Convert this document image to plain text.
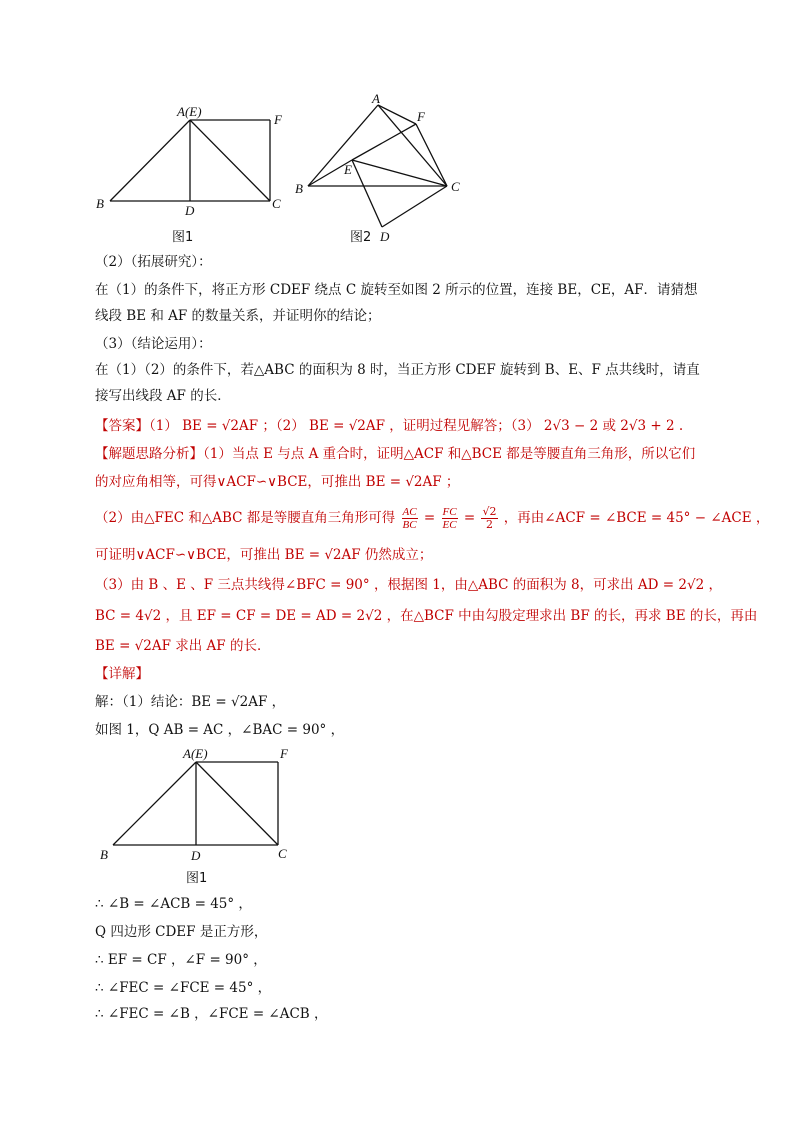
A(E)
F
B	D	C
图1
A
F
E
B	C
D
图2
（2）（拓展研究）：
在（1）的条件下，将正方形 CDEF 绕点 C 旋转至如图 2 所示的位置，连接 BE，CE，AF．请猜想
线段 BE 和 AF 的数量关系，并证明你的结论；
（3）（结论运用）：
在（1）（2）的条件下，若△ABC 的面积为 8 时，当正方形 CDEF 旋转到 B、E、F 点共线时，请直
接写出线段 AF 的长．
【答案】（1） BE = √2AF ；（2） BE = √2AF ，证明过程见解答；（3） 2√3 − 2 或 2√3 + 2 .
【解题思路分析】（1）当点 E 与点 A 重合时，证明△ACF 和△BCE 都是等腰直角三角形，所以它们
的对应角相等，可得∨ACF∽∨BCE，可推出 BE = √2AF ；
（2）由△FEC 和△ABC 都是等腰直角三角形可得 $\frac{AC}{BC} = \frac{FC}{EC} = \frac{√2}{2}$ ，再由∠ACF = ∠BCE = 45° − ∠ACE ，
可证明∨ACF∽∨BCE，可推出 BE = √2AF 仍然成立；
（3）由 B 、E 、F 三点共线得∠BFC = 90° ，根据图 1，由△ABC 的面积为 8，可求出 AD = 2√2 ，
BC = 4√2 ，且 EF = CF = DE = AD = 2√2 ，在△BCF 中由勾股定理求出 BF 的长，再求 BE 的长，再由
BE = √2AF 求出 AF 的长．
【详解】
解：（1）结论：BE = √2AF ，
如图 1，Q AB = AC ，∠BAC = 90° ，
A(E)	F
B	D	C
图1
∴ ∠B = ∠ACB = 45° ，
Q 四边形 CDEF 是正方形，
∴ EF = CF ，∠F = 90° ，
∴ ∠FEC = ∠FCE = 45° ，
∴ ∠FEC = ∠B ，∠FCE = ∠ACB ，
